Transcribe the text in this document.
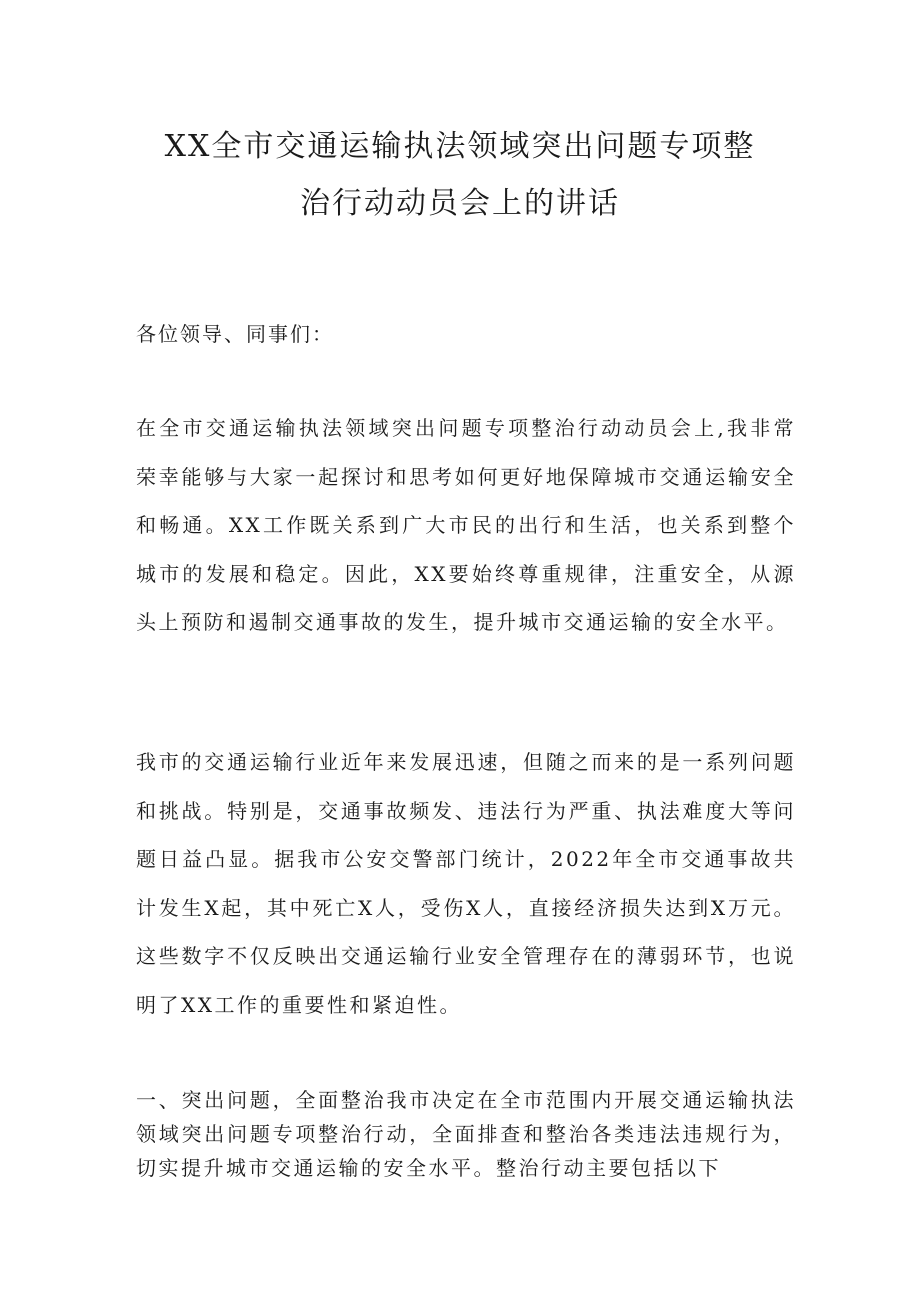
XX全市交通运输执法领域突出问题专项整
治行动动员会上的讲话
各位领导、同事们：

在全市交通运输执法领域突出问题专项整治行动动员会上,我非常荣幸能够与大家一起探讨和思考如何更好地保障城市交通运输安全和畅通。XX工作既关系到广大市民的出行和生活，也关系到整个城市的发展和稳定。因此，XX要始终尊重规律，注重安全，从源头上预防和遏制交通事故的发生，提升城市交通运输的安全水平。

我市的交通运输行业近年来发展迅速，但随之而来的是一系列问题和挑战。特别是，交通事故频发、违法行为严重、执法难度大等问题日益凸显。据我市公安交警部门统计，2022年全市交通事故共计发生X起，其中死亡X人，受伤X人，直接经济损失达到X万元。这些数字不仅反映出交通运输行业安全管理存在的薄弱环节，也说明了XX工作的重要性和紧迫性。

一、突出问题，全面整治我市决定在全市范围内开展交通运输执法领域突出问题专项整治行动，全面排查和整治各类违法违规行为，切实提升城市交通运输的安全水平。整治行动主要包括以下
